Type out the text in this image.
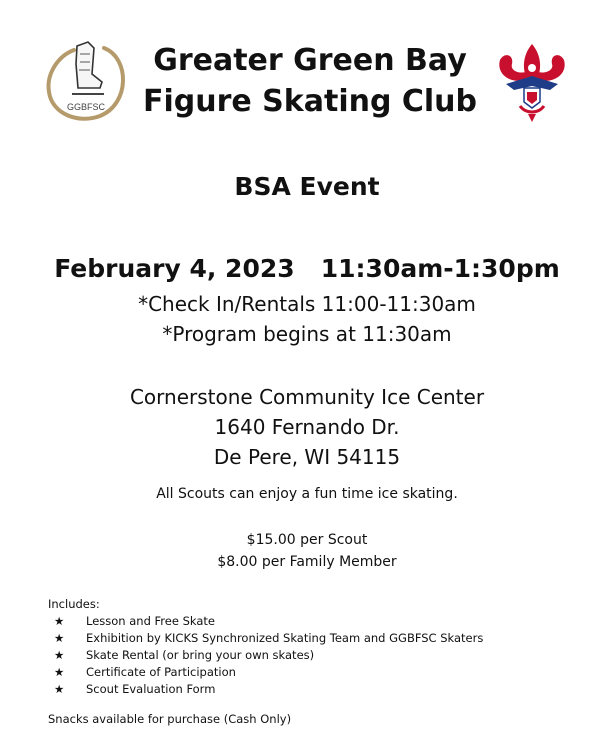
GGBFSC
Greater Green Bay
Figure Skating Club
BSA Event
February 4, 2023 11:30am-1:30pm
*Check In/Rentals 11:00-11:30am
*Program begins at 11:30am
Cornerstone Community Ice Center
1640 Fernando Dr.
De Pere, WI 54115
All Scouts can enjoy a fun time ice skating.
$15.00 per Scout
$8.00 per Family Member
Includes:
★	Lesson and Free Skate
★	Exhibition by KICKS Synchronized Skating Team and GGBFSC Skaters
★	Skate Rental (or bring your own skates)
★	Certificate of Participation
★	Scout Evaluation Form
Snacks available for purchase (Cash Only)
